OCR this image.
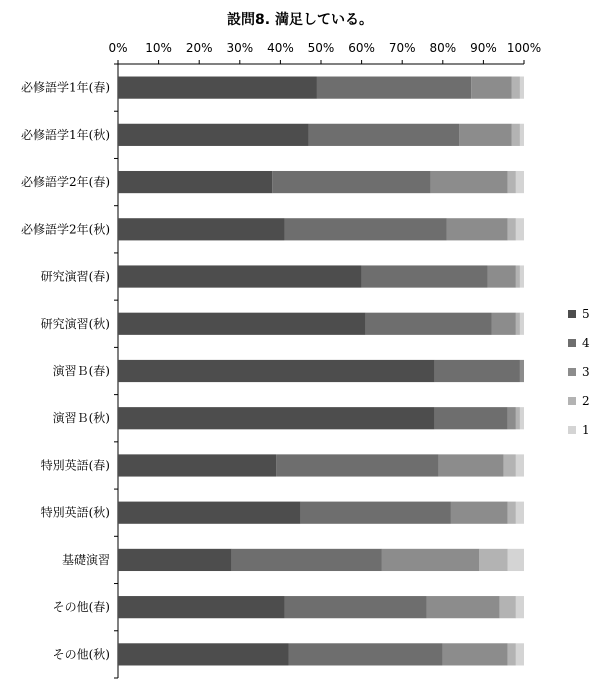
設問8. 満足している。
0% 10% 20% 30% 40% 50% 60% 70% 80% 90% 100%
必修語学1年(春)
必修語学1年(秋)
必修語学2年(春)
必修語学2年(秋)
研究演習(春)
研究演習(秋)
演習Ｂ(春)
演習Ｂ(秋)
特別英語(春)
特別英語(秋)
基礎演習
その他(春)
その他(秋)
5
4
3
2
1
